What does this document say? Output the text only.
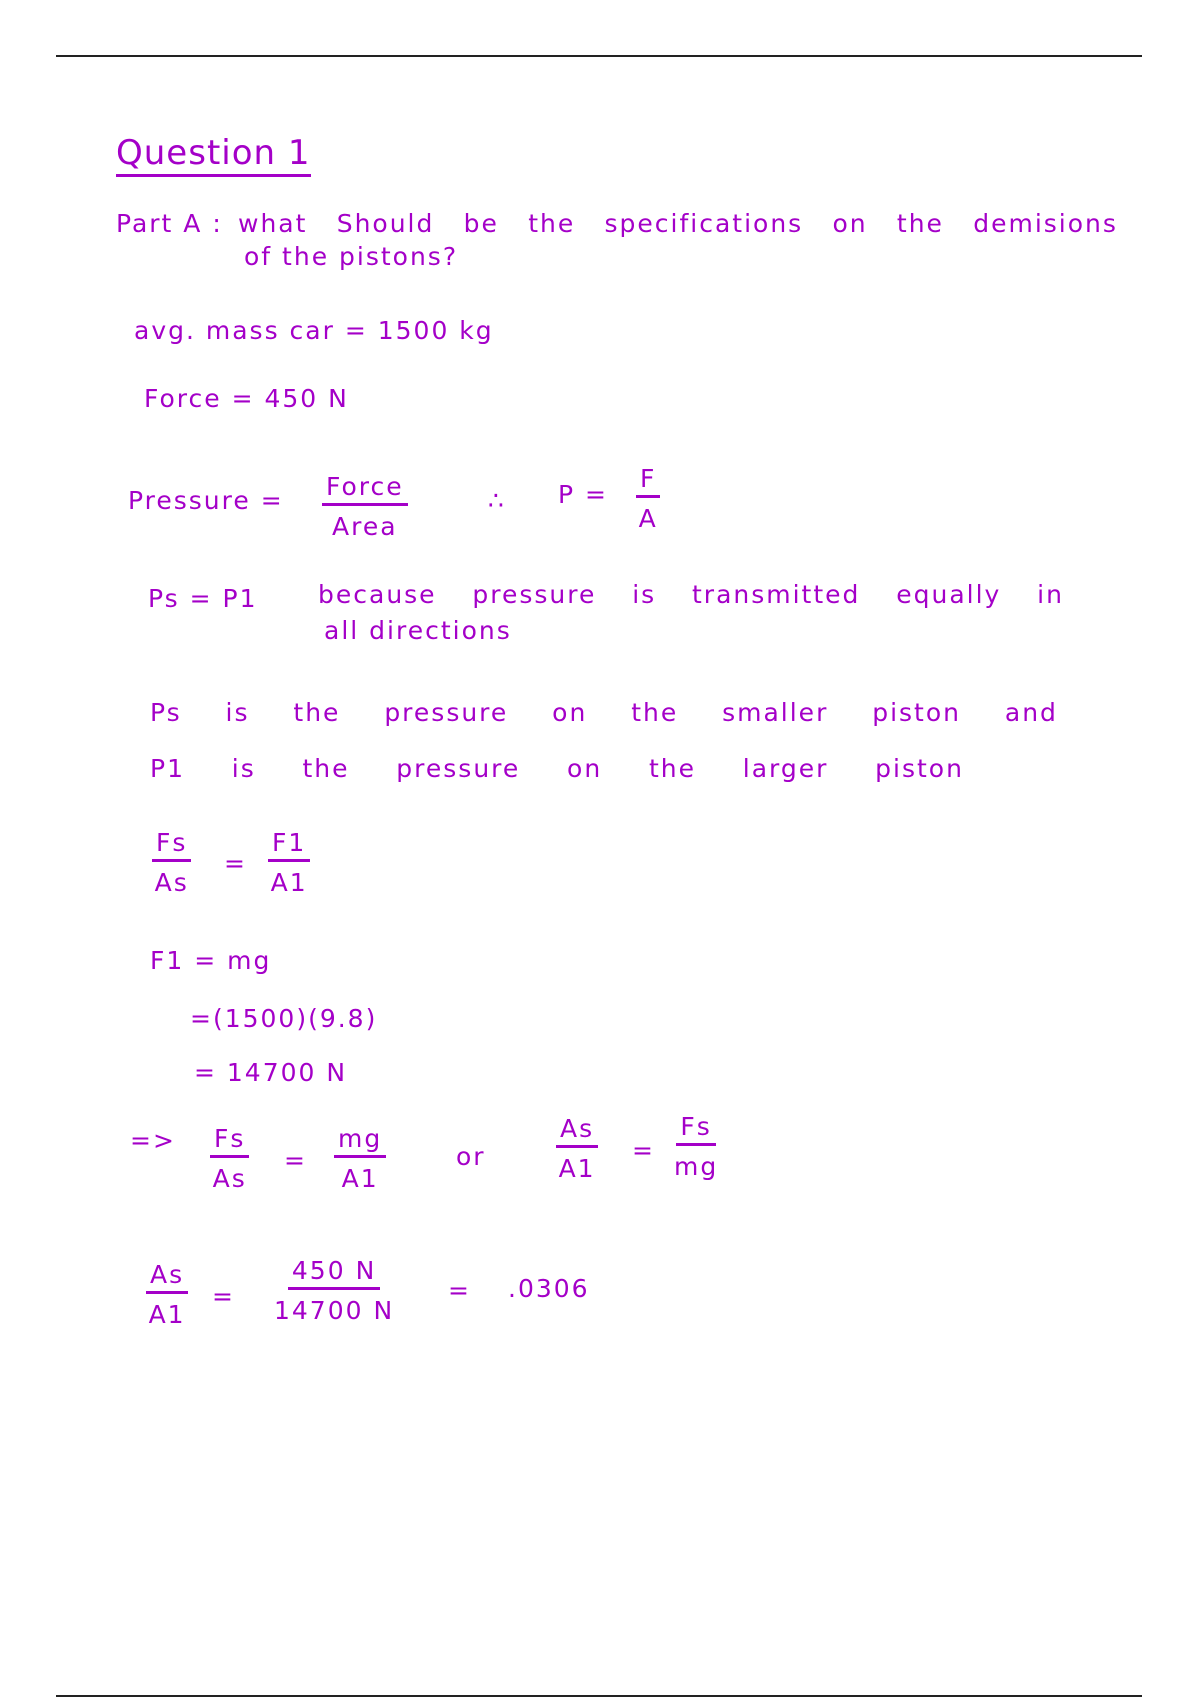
Question 1
Part A : what Should be the specifications on the demisions
of the pistons?
avg. mass car = 1500 kg
Force = 450 N
Pressure = Force
Area
∴ $P = \frac{F}{A}$
Ps = P1 because pressure is transmitted equally in
all directions
Ps is the pressure on the smaller piston and
P1 is the pressure on the larger piston
$\frac{Fs}{As} = \frac{F1}{A1}$
F1 = mg
=(1500)(9.8)
= 14700 N
=> $\frac{Fs}{As} = \frac{mg}{A1}$	or	$\frac{As}{A1} = \frac{Fs}{mg}$
$\frac{As}{A1} = \frac{450 N}{14700 N} = .0306$
